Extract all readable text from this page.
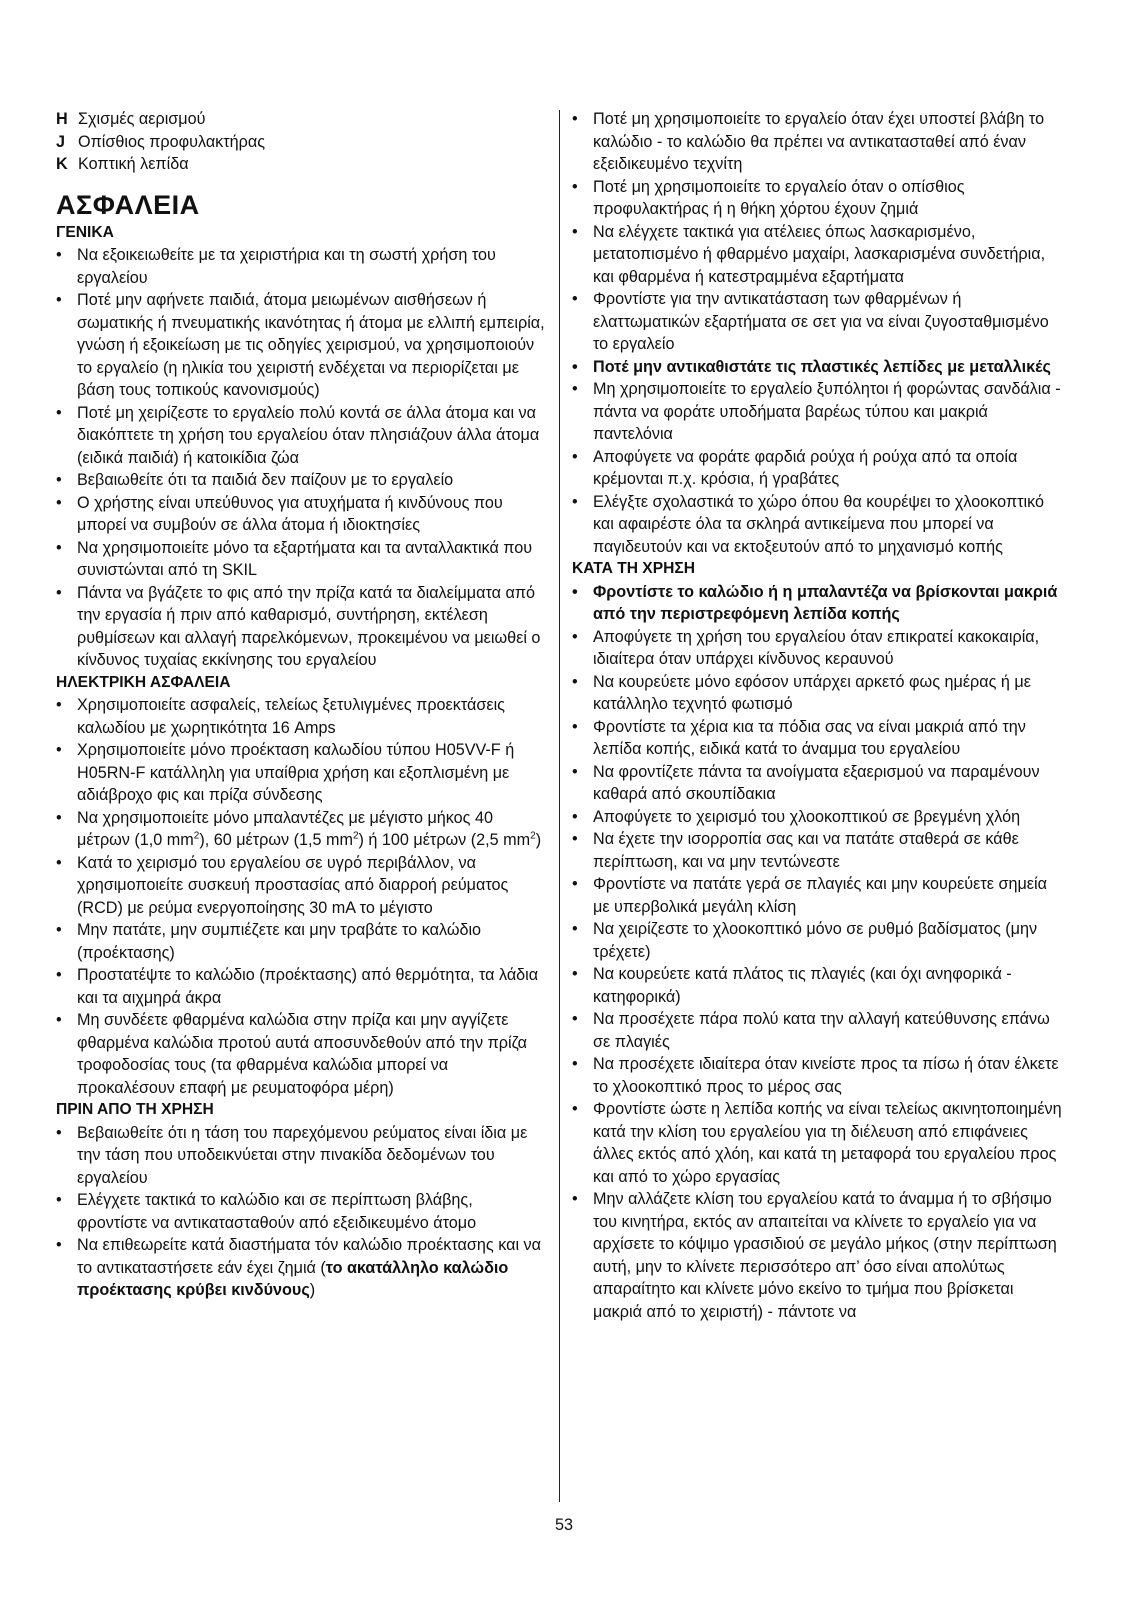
H Σχισμές αερισμού
J Οπίσθιος προφυλακτήρας
K Κοπτική λεπίδα
ΑΣΦΑΛΕΙΑ
ΓΕΝΙΚΑ
• Να εξοικειωθείτε με τα χειριστήρια και τη σωστή χρήση του εργαλείου
• Ποτέ μην αφήνετε παιδιά, άτομα μειωμένων αισθήσεων ή σωματικής ή πνευματικής ικανότητας ή άτομα με ελλιπή εμπειρία, γνώση ή εξοικείωση με τις οδηγίες χειρισμού, να χρησιμοποιούν το εργαλείο (η ηλικία του χειριστή ενδέχεται να περιορίζεται με βάση τους τοπικούς κανονισμούς)
• Ποτέ μη χειρίζεστε το εργαλείο πολύ κοντά σε άλλα άτομα και να διακόπτετε τη χρήση του εργαλείου όταν πλησιάζουν άλλα άτομα (ειδικά παιδιά) ή κατοικίδια ζώα
• Βεβαιωθείτε ότι τα παιδιά δεν παίζουν με το εργαλείο
• Ο χρήστης είναι υπεύθυνος για ατυχήματα ή κινδύνους που μπορεί να συμβούν σε άλλα άτομα ή ιδιοκτησίες
• Να χρησιμοποιείτε μόνο τα εξαρτήματα και τα ανταλλακτικά που συνιστώνται από τη SKIL
• Πάντα να βγάζετε το φις από την πρίζα κατά τα διαλείμματα από την εργασία ή πριν από καθαρισμό, συντήρηση, εκτέλεση ρυθμίσεων και αλλαγή παρελκόμενων, προκειμένου να μειωθεί ο κίνδυνος τυχαίας εκκίνησης του εργαλείου
ΗΛΕΚΤΡΙΚΗ ΑΣΦΑΛΕΙΑ
• Χρησιμοποιείτε ασφαλείς, τελείως ξετυλιγμένες προεκτάσεις καλωδίου με χωρητικότητα 16 Amps
• Χρησιμοποιείτε μόνο προέκταση καλωδίου τύπου H05VV-F ή H05RN-F κατάλληλη για υπαίθρια χρήση και εξοπλισμένη με αδιάβροχο φις και πρίζα σύνδεσης
• Να χρησιμοποιείτε μόνο μπαλαντέζες με μέγιστο μήκος 40 μέτρων (1,0 $mm^2$), 60 μέτρων (1,5 $mm^2$) ή 100 μέτρων (2,5 $mm^2$)
• Κατά το χειρισμό του εργαλείου σε υγρό περιβάλλον, να χρησιμοποιείτε συσκευή προστασίας από διαρροή ρεύματος (RCD) με ρεύμα ενεργοποίησης 30 mA το μέγιστο
• Μην πατάτε, μην συμπιέζετε και μην τραβάτε το καλώδιο (προέκτασης)
• Προστατέψτε το καλώδιο (προέκτασης) από θερμότητα, τα λάδια και τα αιχμηρά άκρα
• Μη συνδέετε φθαρμένα καλώδια στην πρίζα και μην αγγίζετε φθαρμένα καλώδια προτού αυτά αποσυνδεθούν από την πρίζα τροφοδοσίας τους (τα φθαρμένα καλώδια μπορεί να προκαλέσουν επαφή με ρευματοφόρα μέρη)
ΠΡΙΝ ΑΠΟ ΤΗ ΧΡΗΣΗ
• Βεβαιωθείτε ότι η τάση του παρεχόμενου ρεύματος είναι ίδια με την τάση που υποδεικνύεται στην πινακίδα δεδομένων του εργαλείου
• Ελέγχετε τακτικά το καλώδιο και σε περίπτωση βλάβης, φροντίστε να αντικατασταθούν από εξειδικευμένο άτομο
• Να επιθεωρείτε κατά διαστήματα τόν καλώδιο προέκτασης και να το αντικαταστήσετε εάν έχει ζημιά (το ακατάλληλο καλώδιο προέκτασης κρύβει κινδύνους)
• Ποτέ μη χρησιμοποιείτε το εργαλείο όταν έχει υποστεί βλάβη το καλώδιο - το καλώδιο θα πρέπει να αντικατασταθεί από έναν εξειδικευμένο τεχνίτη
• Ποτέ μη χρησιμοποιείτε το εργαλείο όταν ο οπίσθιος προφυλακτήρας ή η θήκη χόρτου έχουν ζημιά
• Να ελέγχετε τακτικά για ατέλειες όπως λασκαρισμένο, μετατοπισμένο ή φθαρμένο μαχαίρι, λασκαρισμένα συνδετήρια, και φθαρμένα ή κατεστραμμένα εξαρτήματα
• Φροντίστε για την αντικατάσταση των φθαρμένων ή ελαττωματικών εξαρτήματα σε σετ για να είναι ζυγοσταθμισμένο το εργαλείο
• Ποτέ μην αντικαθιστάτε τις πλαστικές λεπίδες με μεταλλικές
• Μη χρησιμοποιείτε το εργαλείο ξυπόλητοι ή φορώντας σανδάλια - πάντα να φοράτε υποδήματα βαρέως τύπου και μακριά παντελόνια
• Αποφύγετε να φοράτε φαρδιά ρούχα ή ρούχα από τα οποία κρέμονται π.χ. κρόσια, ή γραβάτες
• Ελέγξτε σχολαστικά το χώρο όπου θα κουρέψει το χλοοκοπτικό και αφαιρέστε όλα τα σκληρά αντικείμενα που μπορεί να παγιδευτούν και να εκτοξευτούν από το μηχανισμό κοπής
ΚΑΤΑ ΤΗ ΧΡΗΣΗ
• Φροντίστε το καλώδιο ή η μπαλαντέζα να βρίσκονται μακριά από την περιστρεφόμενη λεπίδα κοπής
• Αποφύγετε τη χρήση του εργαλείου όταν επικρατεί κακοκαιρία, ιδιαίτερα όταν υπάρχει κίνδυνος κεραυνού
• Να κουρεύετε μόνο εφόσον υπάρχει αρκετό φως ημέρας ή με κατάλληλο τεχνητό φωτισμό
• Φροντίστε τα χέρια κια τα πόδια σας να είναι μακριά από την λεπίδα κοπής, ειδικά κατά το άναμμα του εργαλείου
• Να φροντίζετε πάντα τα ανοίγματα εξαερισμού να παραμένουν καθαρά από σκουπίδακια
• Αποφύγετε το χειρισμό του χλοοκοπτικού σε βρεγμένη χλόη
• Να έχετε την ισορροπία σας και να πατάτε σταθερά σε κάθε περίπτωση, και να μην τεντώνεστε
• Φροντίστε να πατάτε γερά σε πλαγιές και μην κουρεύετε σημεία με υπερβολικά μεγάλη κλίση
• Να χειρίζεστε το χλοοκοπτικό μόνο σε ρυθμό βαδίσματος (μην τρέχετε)
• Να κουρεύετε κατά πλάτος τις πλαγιές (και όχι ανηφορικά - κατηφορικά)
• Να προσέχετε πάρα πολύ κατα την αλλαγή κατεύθυνσης επάνω σε πλαγιές
• Να προσέχετε ιδιαίτερα όταν κινείστε προς τα πίσω ή όταν έλκετε το χλοοκοπτικό προς το μέρος σας
• Φροντίστε ώστε η λεπίδα κοπής να είναι τελείως ακινητοποιημένη κατά την κλίση του εργαλείου για τη διέλευση από επιφάνειες άλλες εκτός από χλόη, και κατά τη μεταφορά του εργαλείου προς και από το χώρο εργασίας
• Μην αλλάζετε κλίση του εργαλείου κατά το άναμμα ή το σβήσιμο του κινητήρα, εκτός αν απαιτείται να κλίνετε το εργαλείο για να αρχίσετε το κόψιμο γρασιδιού σε μεγάλο μήκος (στην περίπτωση αυτή, μην το κλίνετε περισσότερο απ’ όσο είναι απολύτως απαραίτητο και κλίνετε μόνο εκείνο το τμήμα που βρίσκεται μακριά από το χειριστή) - πάντοτε να
53
